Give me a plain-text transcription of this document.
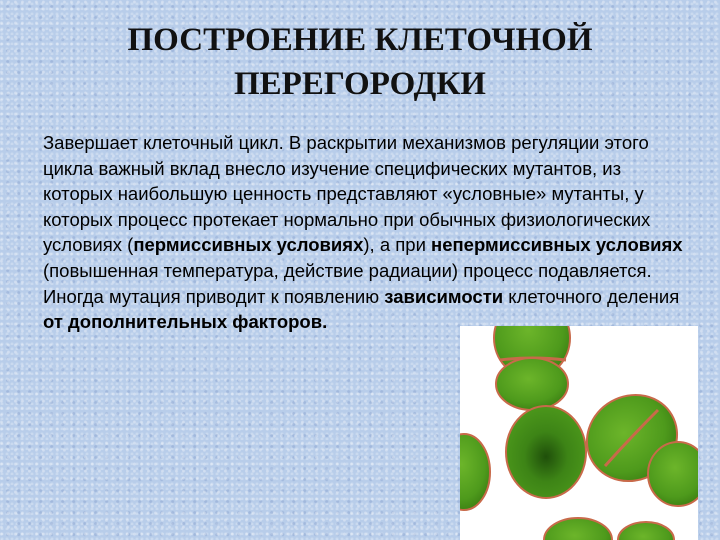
ПОСТРОЕНИЕ КЛЕТОЧНОЙ
ПЕРЕГОРОДКИ

Завершает клеточный цикл. В раскрытии механизмов регуляции этого цикла важный вклад внесло изучение специфических мутантов, из которых наибольшую ценность представляют «условные» мутанты, у которых процесс протекает нормально при обычных физиологических условиях (пермиссивных условиях), а при непермиссивных условиях (повышенная температура, действие радиации) процесс подавляется. Иногда мутация приводит к появлению зависимости клеточного деления от дополнительных факторов.
